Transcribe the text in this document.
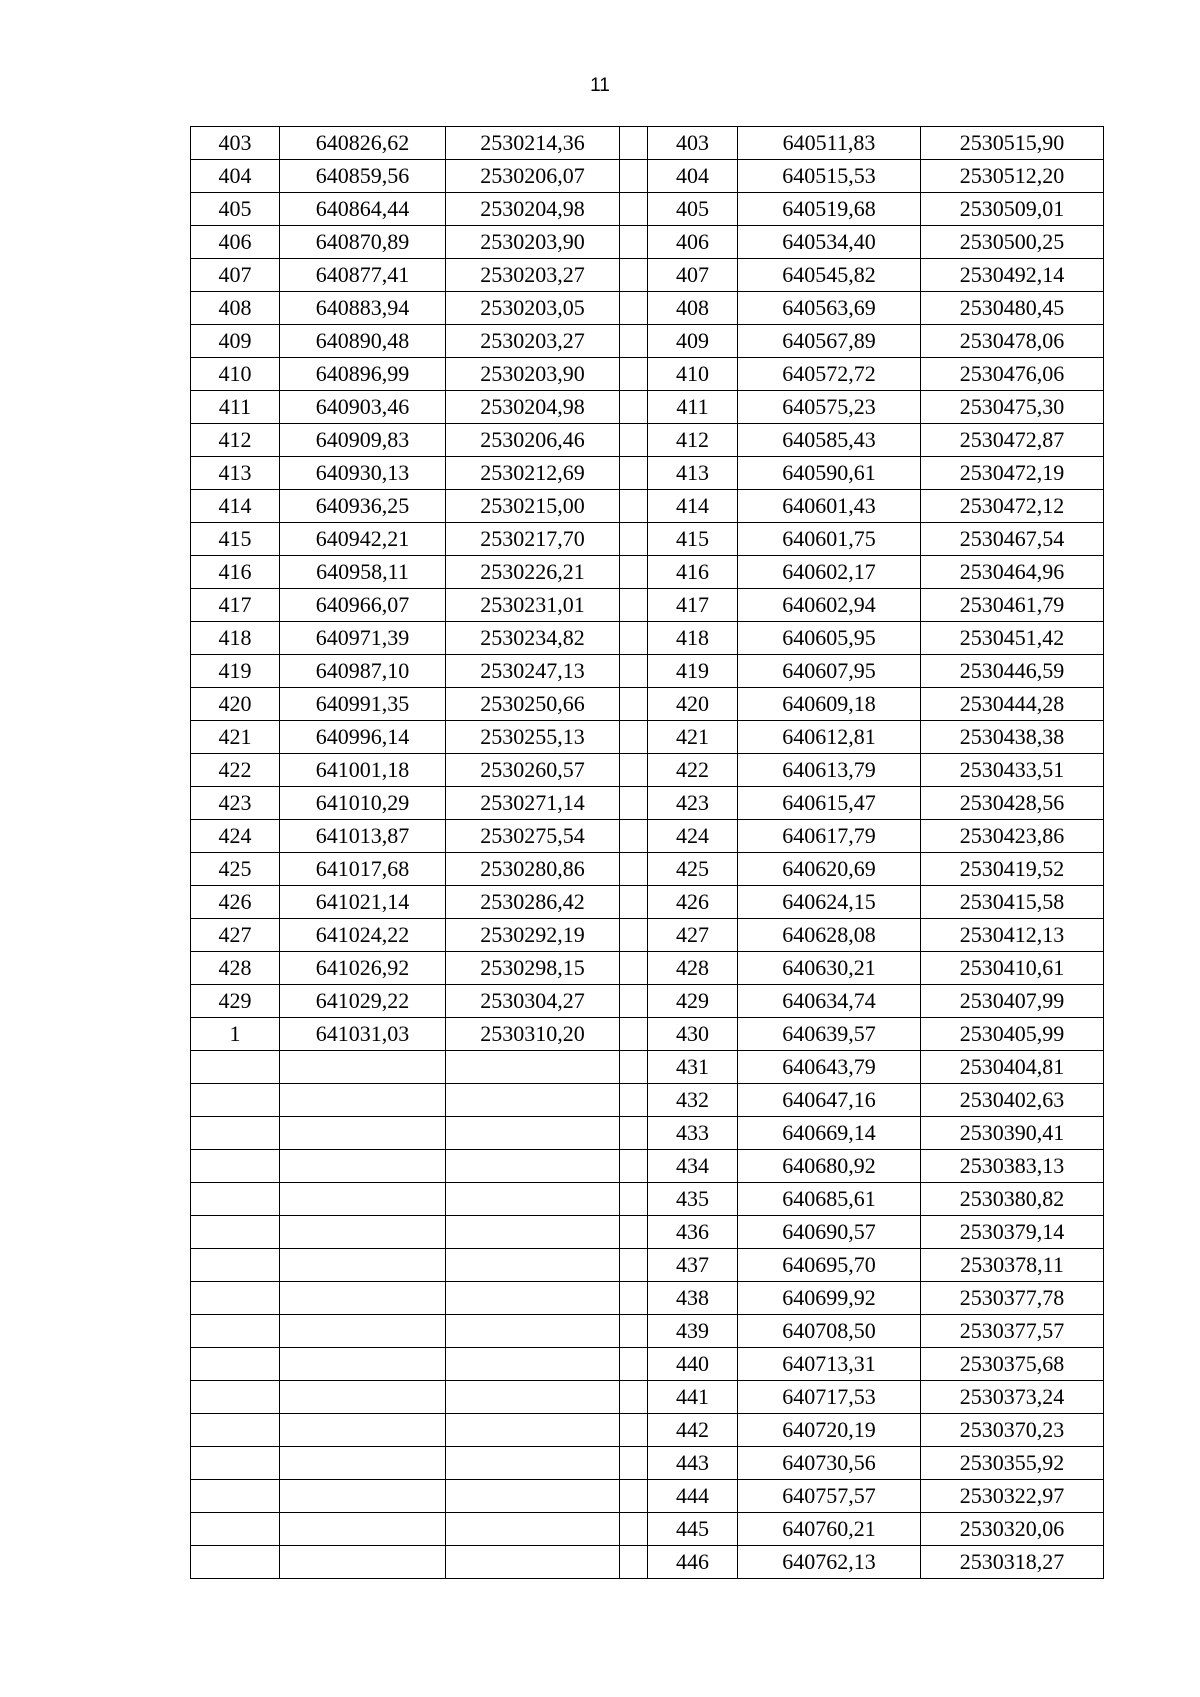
11
403	640826,62	2530214,36		403	640511,83	2530515,90
404	640859,56	2530206,07		404	640515,53	2530512,20
405	640864,44	2530204,98		405	640519,68	2530509,01
406	640870,89	2530203,90		406	640534,40	2530500,25
407	640877,41	2530203,27		407	640545,82	2530492,14
408	640883,94	2530203,05		408	640563,69	2530480,45
409	640890,48	2530203,27		409	640567,89	2530478,06
410	640896,99	2530203,90		410	640572,72	2530476,06
411	640903,46	2530204,98		411	640575,23	2530475,30
412	640909,83	2530206,46		412	640585,43	2530472,87
413	640930,13	2530212,69		413	640590,61	2530472,19
414	640936,25	2530215,00		414	640601,43	2530472,12
415	640942,21	2530217,70		415	640601,75	2530467,54
416	640958,11	2530226,21		416	640602,17	2530464,96
417	640966,07	2530231,01		417	640602,94	2530461,79
418	640971,39	2530234,82		418	640605,95	2530451,42
419	640987,10	2530247,13		419	640607,95	2530446,59
420	640991,35	2530250,66		420	640609,18	2530444,28
421	640996,14	2530255,13		421	640612,81	2530438,38
422	641001,18	2530260,57		422	640613,79	2530433,51
423	641010,29	2530271,14		423	640615,47	2530428,56
424	641013,87	2530275,54		424	640617,79	2530423,86
425	641017,68	2530280,86		425	640620,69	2530419,52
426	641021,14	2530286,42		426	640624,15	2530415,58
427	641024,22	2530292,19		427	640628,08	2530412,13
428	641026,92	2530298,15		428	640630,21	2530410,61
429	641029,22	2530304,27		429	640634,74	2530407,99
1	641031,03	2530310,20		430	640639,57	2530405,99
				431	640643,79	2530404,81
				432	640647,16	2530402,63
				433	640669,14	2530390,41
				434	640680,92	2530383,13
				435	640685,61	2530380,82
				436	640690,57	2530379,14
				437	640695,70	2530378,11
				438	640699,92	2530377,78
				439	640708,50	2530377,57
				440	640713,31	2530375,68
				441	640717,53	2530373,24
				442	640720,19	2530370,23
				443	640730,56	2530355,92
				444	640757,57	2530322,97
				445	640760,21	2530320,06
				446	640762,13	2530318,27
